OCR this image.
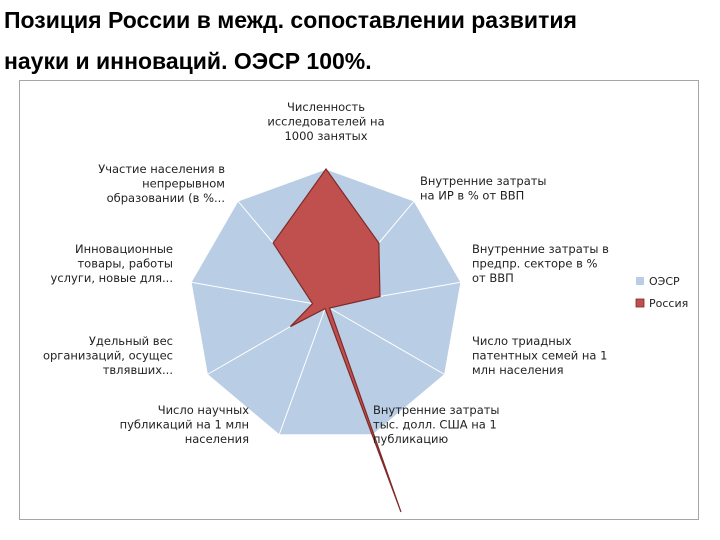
Позиция России в межд. сопоставлении развития
науки и инноваций. ОЭСР 100%.
Численность исследователей на 1000 занятых
Внутренние затраты на ИР в % от ВВП
Внутренние затраты в предпр. секторе в % от ВВП
Число триадных патентных семей на 1 млн населения
Внутренние затраты тыс. долл. США на 1 публикацию
Число научных публикаций на 1 млн населения
Удельный вес организаций, осущес твлявших...
Инновационные товары, работы услуги, новые для...
Участие населения в непрерывном образовании (в %...
ОЭСР
Россия
